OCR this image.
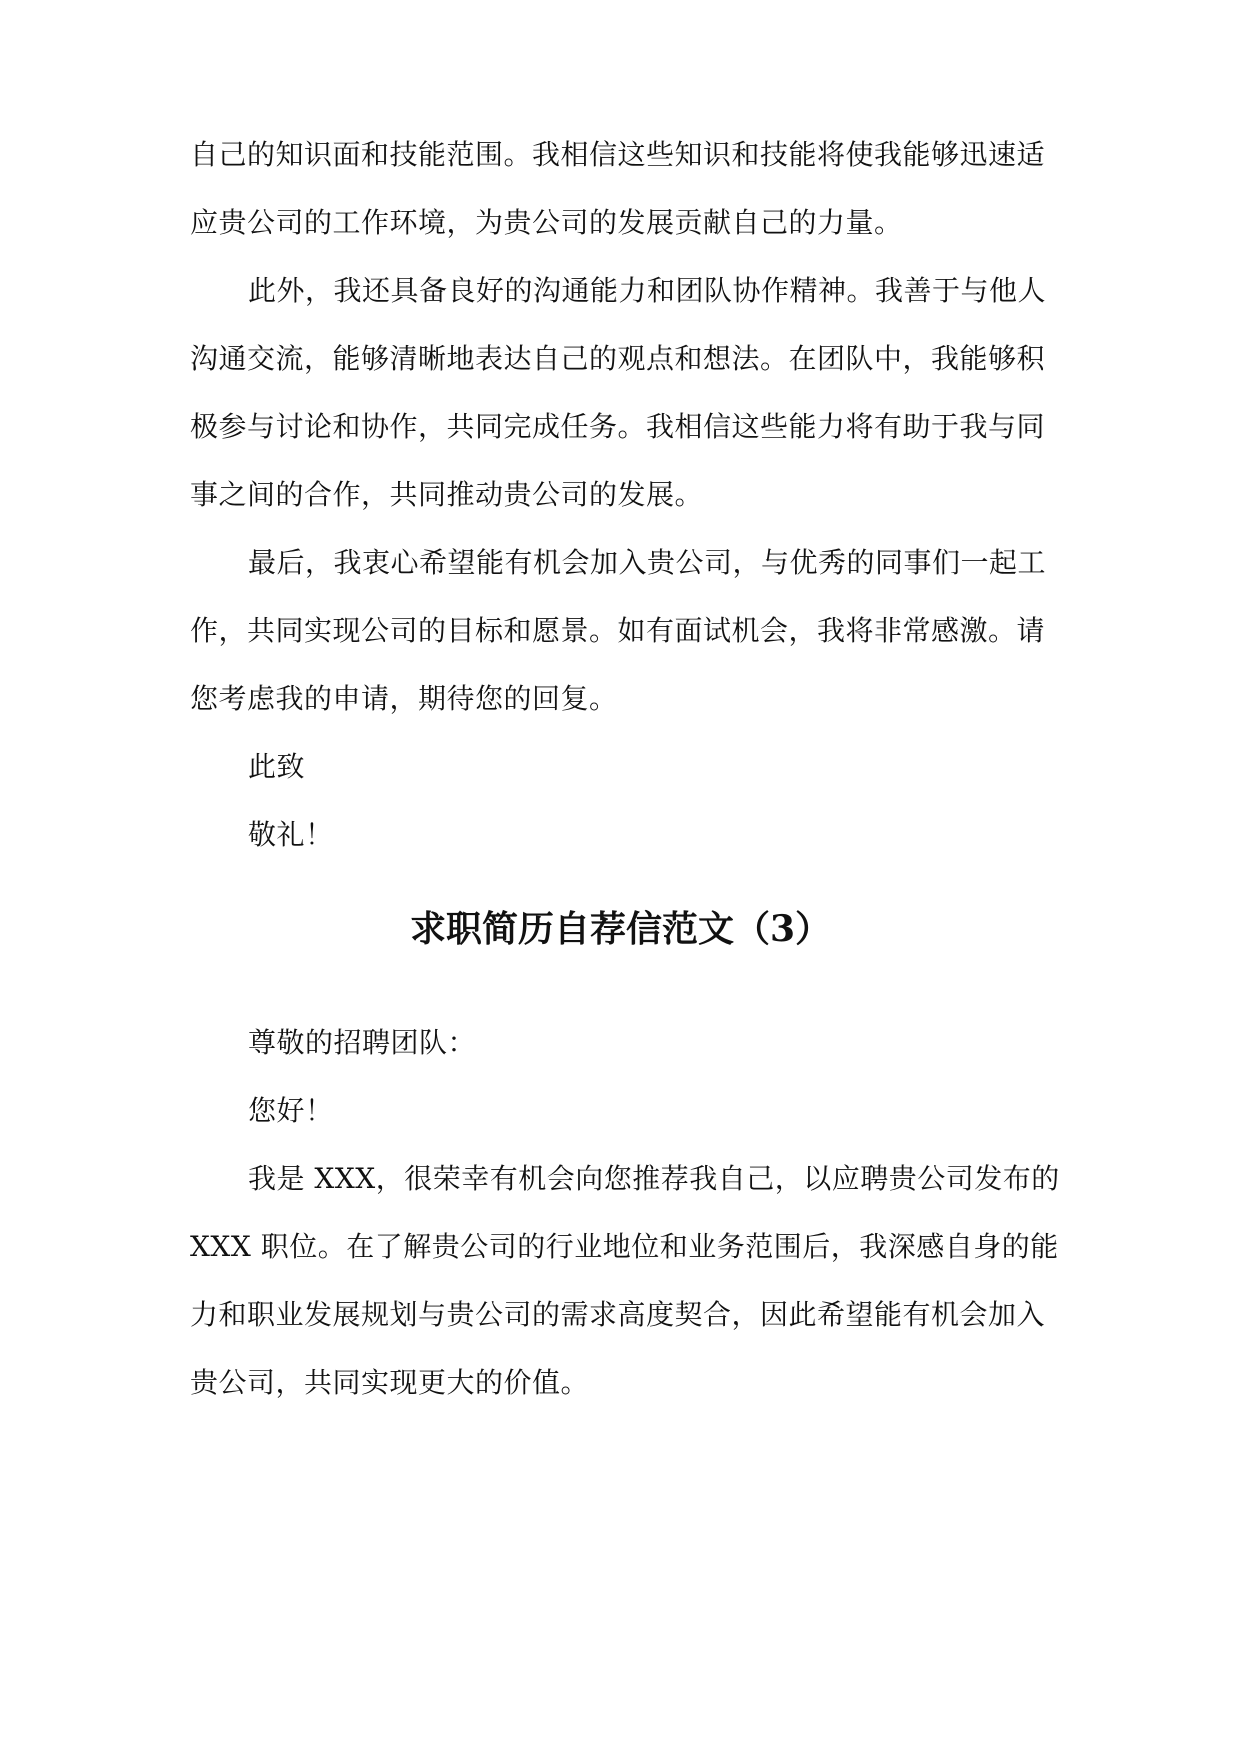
自己的知识面和技能范围。我相信这些知识和技能将使我能够迅速适
应贵公司的工作环境，为贵公司的发展贡献自己的力量。
此外，我还具备良好的沟通能力和团队协作精神。我善于与他人
沟通交流，能够清晰地表达自己的观点和想法。在团队中，我能够积
极参与讨论和协作，共同完成任务。我相信这些能力将有助于我与同
事之间的合作，共同推动贵公司的发展。
最后，我衷心希望能有机会加入贵公司，与优秀的同事们一起工
作，共同实现公司的目标和愿景。如有面试机会，我将非常感激。请
您考虑我的申请，期待您的回复。
此致
敬礼！
求职简历自荐信范文（3）
尊敬的招聘团队：
您好！
我是 XXX，很荣幸有机会向您推荐我自己，以应聘贵公司发布的
XXX 职位。在了解贵公司的行业地位和业务范围后，我深感自身的能
力和职业发展规划与贵公司的需求高度契合，因此希望能有机会加入
贵公司，共同实现更大的价值。
